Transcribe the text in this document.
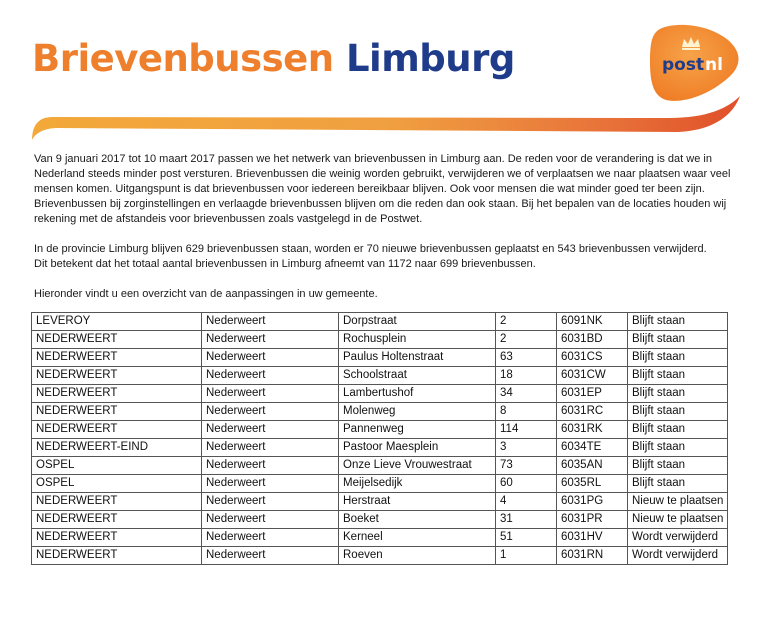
Brievenbussen Limburg	post nl

Van 9 januari 2017 tot 10 maart 2017 passen we het netwerk van brievenbussen in Limburg aan. De reden voor de verandering is dat we in Nederland steeds minder post versturen. Brievenbussen die weinig worden gebruikt, verwijderen we of verplaatsen we naar plaatsen waar veel mensen komen. Uitgangspunt is dat brievenbussen voor iedereen bereikbaar blijven. Ook voor mensen die wat minder goed ter been zijn. Brievenbussen bij zorginstellingen en verlaagde brievenbussen blijven om die reden dan ook staan. Bij het bepalen van de locaties houden wij rekening met de afstandeis voor brievenbussen zoals vastgelegd in de Postwet.

In de provincie Limburg blijven 629 brievenbussen staan, worden er 70 nieuwe brievenbussen geplaatst en 543 brievenbussen verwijderd.
Dit betekent dat het totaal aantal brievenbussen in Limburg afneemt van 1172 naar 699 brievenbussen.

Hieronder vindt u een overzicht van de aanpassingen in uw gemeente.

LEVEROY	Nederweert	Dorpstraat	2	6091NK	Blijft staan
NEDERWEERT	Nederweert	Rochusplein	2	6031BD	Blijft staan
NEDERWEERT	Nederweert	Paulus Holtenstraat	63	6031CS	Blijft staan
NEDERWEERT	Nederweert	Schoolstraat	18	6031CW	Blijft staan
NEDERWEERT	Nederweert	Lambertushof	34	6031EP	Blijft staan
NEDERWEERT	Nederweert	Molenweg	8	6031RC	Blijft staan
NEDERWEERT	Nederweert	Pannenweg	114	6031RK	Blijft staan
NEDERWEERT-EIND	Nederweert	Pastoor Maesplein	3	6034TE	Blijft staan
OSPEL	Nederweert	Onze Lieve Vrouwestraat	73	6035AN	Blijft staan
OSPEL	Nederweert	Meijelsedijk	60	6035RL	Blijft staan
NEDERWEERT	Nederweert	Herstraat	4	6031PG	Nieuw te plaatsen
NEDERWEERT	Nederweert	Boeket	31	6031PR	Nieuw te plaatsen
NEDERWEERT	Nederweert	Kerneel	51	6031HV	Wordt verwijderd
NEDERWEERT	Nederweert	Roeven	1	6031RN	Wordt verwijderd
